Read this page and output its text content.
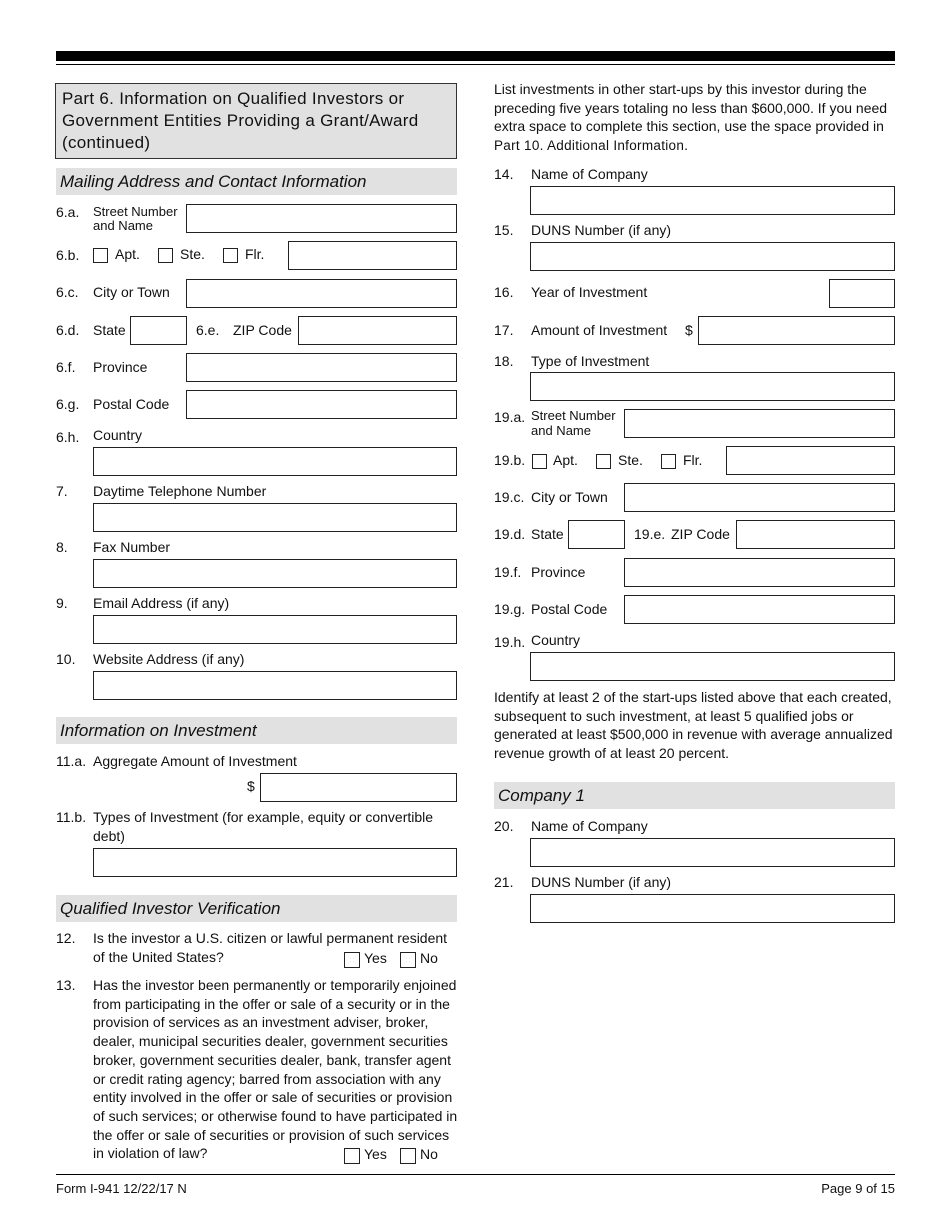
Part 6. Information on Qualified Investors or Government Entities Providing a Grant/Award (continued)
Mailing Address and Contact Information
6.a. Street Number
and Name
6.b.	Apt.	Ste.	Flr.
6.c. City or Town
6.d. State	6.e. ZIP Code
6.f. Province
6.g. Postal Code
6.h. Country
7. Daytime Telephone Number
8. Fax Number
9. Email Address (if any)
10. Website Address (if any)
Information on Investment
11.a. Aggregate Amount of Investment
$
11.b. Types of Investment (for example, equity or convertible
debt)
Qualified Investor Verification
12. Is the investor a U.S. citizen or lawful permanent resident
of the United States?	Yes No
13. Has the investor been permanently or temporarily enjoined
from participating in the offer or sale of a security or in the
provision of services as an investment adviser, broker,
dealer, municipal securities dealer, government securities
broker, government securities dealer, bank, transfer agent
or credit rating agency; barred from association with any
entity involved in the offer or sale of securities or provision
of such services; or otherwise found to have participated in
the offer or sale of securities or provision of such services
in violation of law?	Yes No
List investments in other start-ups by this investor during the
preceding five years totaling no less than $600,000. If you need
extra space to complete this section, use the space provided in
Part 10. Additional Information.
14. Name of Company
15. DUNS Number (if any)
16. Year of Investment
17. Amount of Investment $
18. Type of Investment
19.a. Street Number
and Name
19.b. Apt.	Ste.	Flr.
19.c. City or Town
19.d. State	19.e. ZIP Code
19.f. Province
19.g. Postal Code
19.h. Country
Identify at least 2 of the start-ups listed above that each created,
subsequent to such investment, at least 5 qualified jobs or
generated at least $500,000 in revenue with average annualized
revenue growth of at least 20 percent.
Company 1
20. Name of Company
21. DUNS Number (if any)
Form I-941 12/22/17 N	Page 9 of 15
